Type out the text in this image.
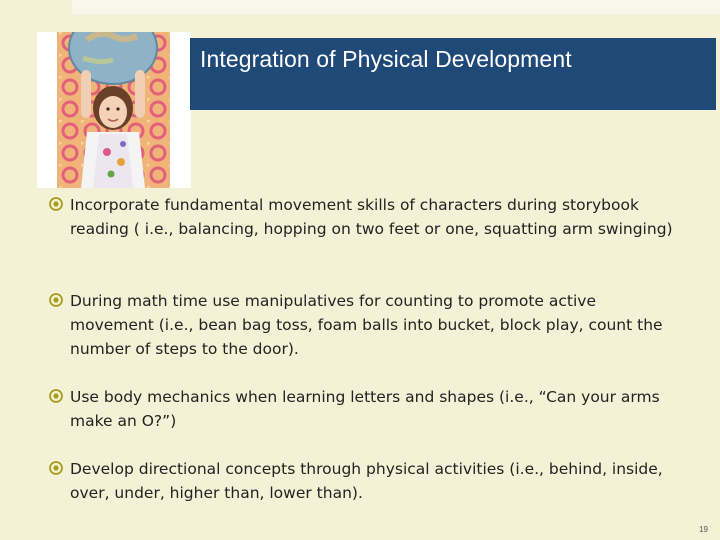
Integration of Physical Development
Incorporate fundamental movement skills of characters during storybook reading ( i.e., balancing, hopping on two feet or one, squatting arm swinging)
During math time use manipulatives for counting to promote active movement (i.e., bean bag toss, foam balls into bucket, block play, count the number of steps to the door).
Use body mechanics when learning letters and shapes (i.e., “Can your arms make an O?”)
Develop directional concepts through physical activities (i.e., behind, inside, over, under, higher than, lower than).
19
